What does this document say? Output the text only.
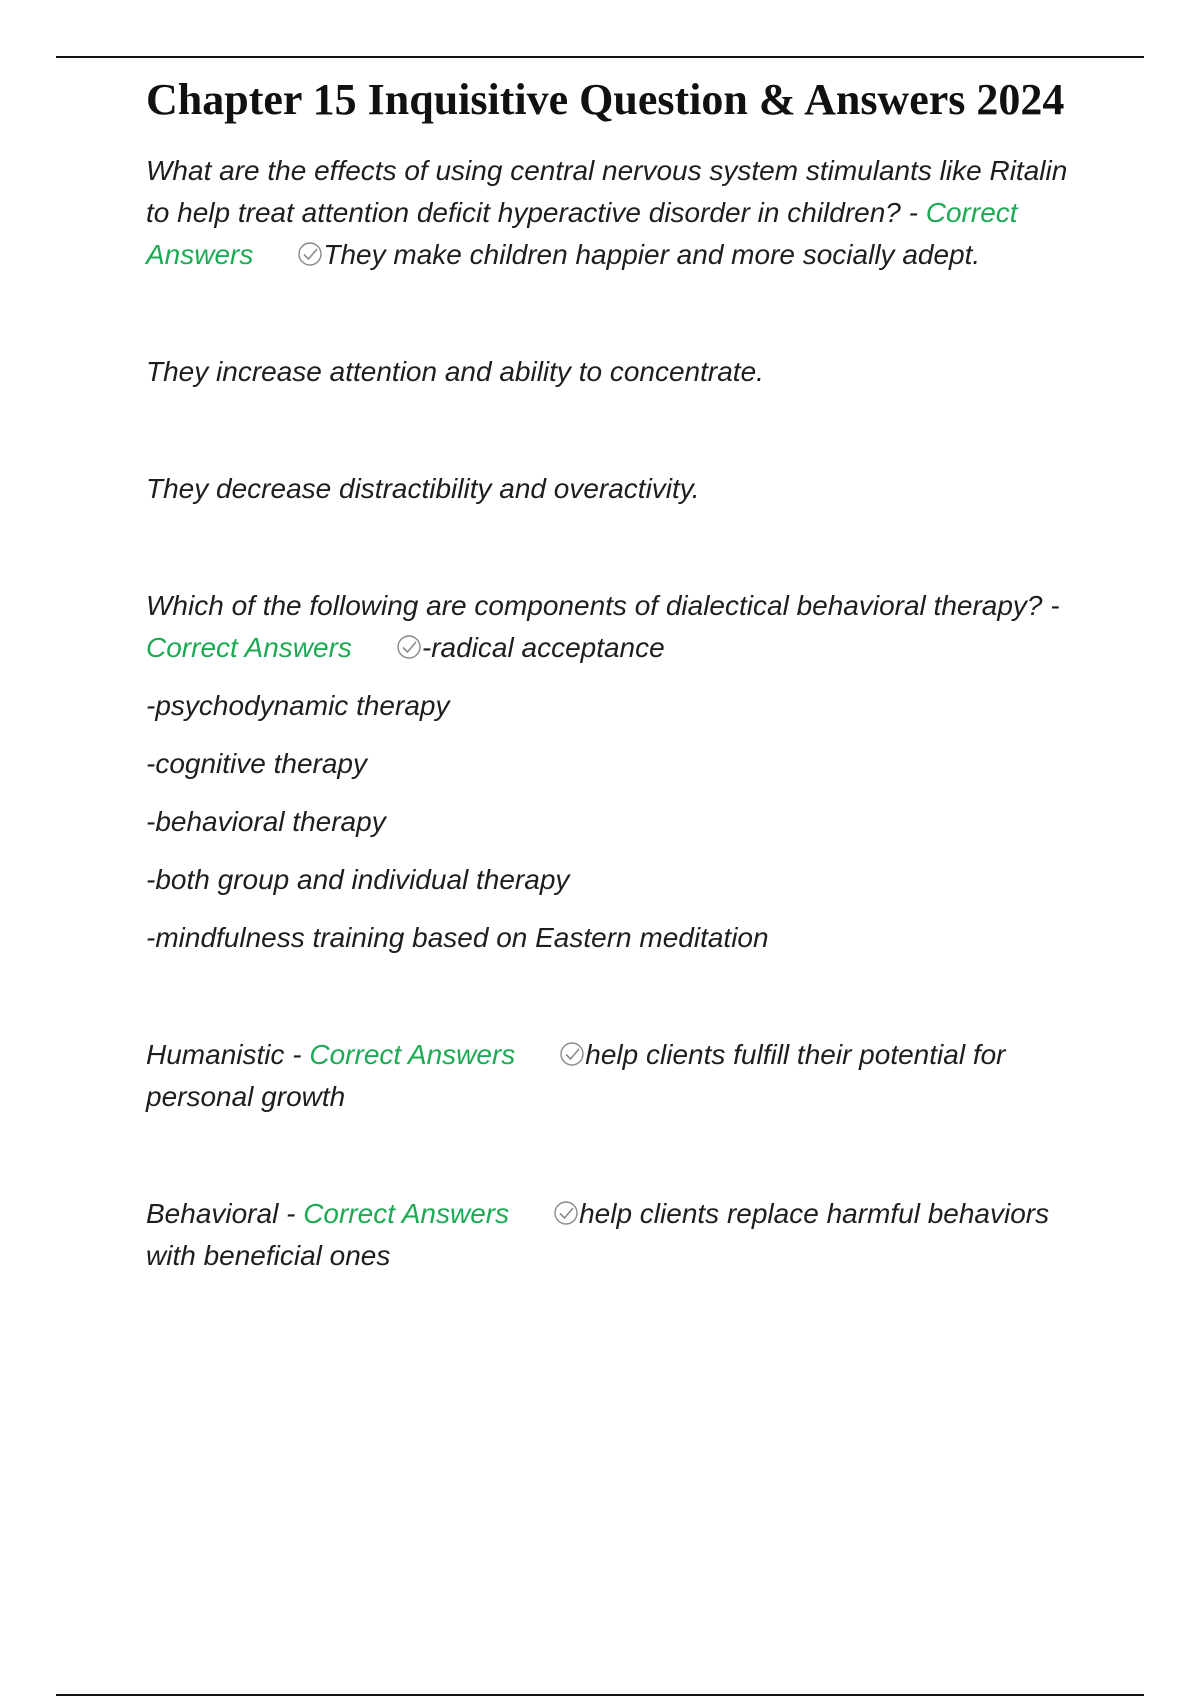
Chapter 15 Inquisitive Question & Answers 2024

What are the effects of using central nervous system stimulants like Ritalin to help treat attention deficit hyperactive disorder in children? - Correct Answers	They make children happier and more socially adept.

They increase attention and ability to concentrate.

They decrease distractibility and overactivity.

Which of the following are components of dialectical behavioral therapy? - Correct Answers	-radical acceptance

-psychodynamic therapy

-cognitive therapy

-behavioral therapy

-both group and individual therapy

-mindfulness training based on Eastern meditation

Humanistic - Correct Answers	help clients fulfill their potential for personal growth

Behavioral - Correct Answers	help clients replace harmful behaviors with beneficial ones
